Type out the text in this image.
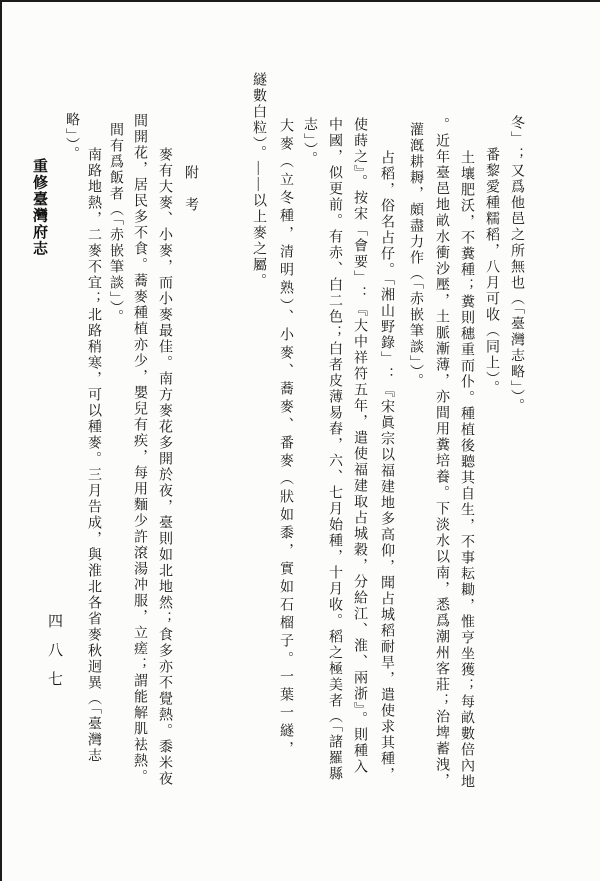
冬」；又爲他邑之所無也（「臺灣志略」）。
番黎愛種糯稻，八月可收（同上）。
土壤肥沃，不糞種；糞則穗重而仆。種植後聽其自生，不事耘耡，惟亨坐獲；每畝數倍內地
。近年臺邑地畝水衝沙壓，土脈漸薄，亦間用糞培養。下淡水以南，悉爲潮州客莊；治埤蓄洩，
灌漑耕耨，頗盡力作（「赤嵌筆談」）。
占稻，俗名占仔。「湘山野錄」：『宋眞宗以福建地多高仰，聞占城稻耐旱，遣使求其種，
使蒔之』。按宋「會要」：『大中祥符五年，遣使福建取占城穀，分給江、淮、兩浙』。則種入
中國，似更前。有赤、白二色；白者皮薄易舂，六、七月始種，十月收。稻之極美者（「諸羅縣
志」）。
大麥（立冬種，清明熟）、小麥、蕎麥、番麥（狀如黍，實如石榴子。一葉一繸，
繸數白粒）。——以上麥之屬。
附　考
麥有大麥、小麥，而小麥最佳。南方麥花多開於夜，臺則如北地然；食多亦不覺熱。黍米夜
間開花，居民多不食。蕎麥種植亦少，嬰兒有疾，每用麵少許滾湯冲服，立瘥；謂能解肌袪熱。
間有爲飯者（「赤嵌筆談」）。
南路地熱，二麥不宜；北路稍寒，可以種麥。三月告成，與淮北各省麥秋迥異（「臺灣志
略」）。
重修臺灣府志
四八七
